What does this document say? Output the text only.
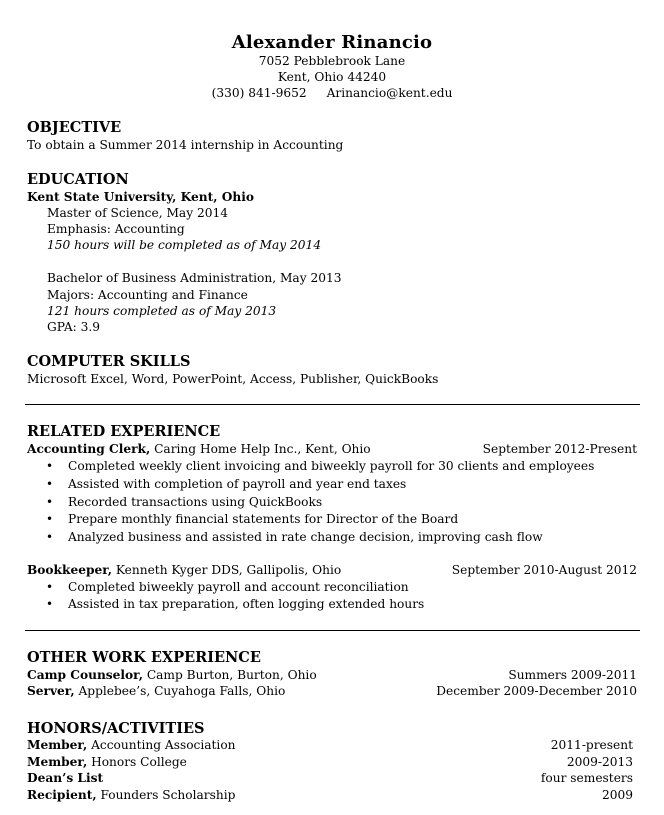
Alexander Rinancio
7052 Pebblebrook Lane
Kent, Ohio 44240
(330) 841-9652 Arinancio@kent.edu
OBJECTIVE
To obtain a Summer 2014 internship in Accounting
EDUCATION
Kent State University, Kent, Ohio
Master of Science, May 2014
Emphasis: Accounting
150 hours will be completed as of May 2014
Bachelor of Business Administration, May 2013
Majors: Accounting and Finance
121 hours completed as of May 2013
GPA: 3.9
COMPUTER SKILLS
Microsoft Excel, Word, PowerPoint, Access, Publisher, QuickBooks
RELATED EXPERIENCE
Accounting Clerk, Caring Home Help Inc., Kent, Ohio	September 2012-Present
• Completed weekly client invoicing and biweekly payroll for 30 clients and employees
• Assisted with completion of payroll and year end taxes
• Recorded transactions using QuickBooks
• Prepare monthly financial statements for Director of the Board
• Analyzed business and assisted in rate change decision, improving cash flow
Bookkeeper, Kenneth Kyger DDS, Gallipolis, Ohio	September 2010-August 2012
• Completed biweekly payroll and account reconciliation
• Assisted in tax preparation, often logging extended hours
OTHER WORK EXPERIENCE
Camp Counselor, Camp Burton, Burton, Ohio	Summers 2009-2011
Server, Applebee’s, Cuyahoga Falls, Ohio	December 2009-December 2010
HONORS/ACTIVITIES
Member, Accounting Association	2011-present
Member, Honors College	2009-2013
Dean’s List	four semesters
Recipient, Founders Scholarship	2009
